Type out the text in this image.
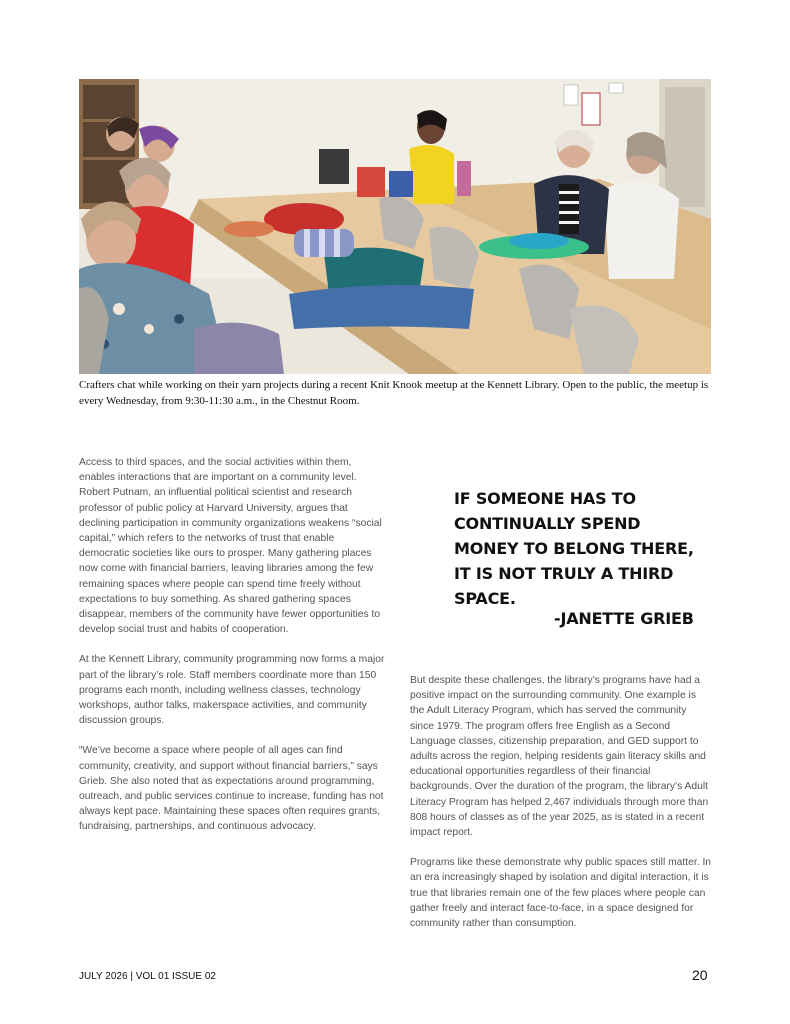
Crafters chat while working on their yarn projects during a recent Knit Knook meetup at the Kennett Library. Open to the public, the meetup is every Wednesday, from 9:30-11:30 a.m., in the Chestnut Room.

Access to third spaces, and the social activities within them, enables interactions that are important on a community level. Robert Putnam, an influential political scientist and research professor of public policy at Harvard University, argues that declining participation in community organizations weakens “social capital,” which refers to the networks of trust that enable democratic societies like ours to prosper. Many gathering places now come with financial barriers, leaving libraries among the few remaining spaces where people can spend time freely without expectations to buy something. As shared gathering spaces disappear, members of the community have fewer opportunities to develop social trust and habits of cooperation.

At the Kennett Library, community programming now forms a major part of the library’s role. Staff members coordinate more than 150 programs each month, including wellness classes, technology workshops, author talks, makerspace activities, and community discussion groups.

“We’ve become a space where people of all ages can find community, creativity, and support without financial barriers,” says Grieb. She also noted that as expectations around programming, outreach, and public services continue to increase, funding has not always kept pace. Maintaining these spaces often requires grants, fundraising, partnerships, and continuous advocacy.

IF SOMEONE HAS TO CONTINUALLY SPEND MONEY TO BELONG THERE, IT IS NOT TRULY A THIRD SPACE.

-JANETTE GRIEB

But despite these challenges, the library’s programs have had a positive impact on the surrounding community. One example is the Adult Literacy Program, which has served the community since 1979. The program offers free English as a Second Language classes, citizenship preparation, and GED support to adults across the region, helping residents gain literacy skills and educational opportunities regardless of their financial backgrounds. Over the duration of the program, the library’s Adult Literacy Program has helped 2,467 individuals through more than 808 hours of classes as of the year 2025, as is stated in a recent impact report.

Programs like these demonstrate why public spaces still matter. In an era increasingly shaped by isolation and digital interaction, it is true that libraries remain one of the few places where people can gather freely and interact face-to-face, in a space designed for community rather than consumption.

JULY 2026 | VOL 01 ISSUE 02	20
